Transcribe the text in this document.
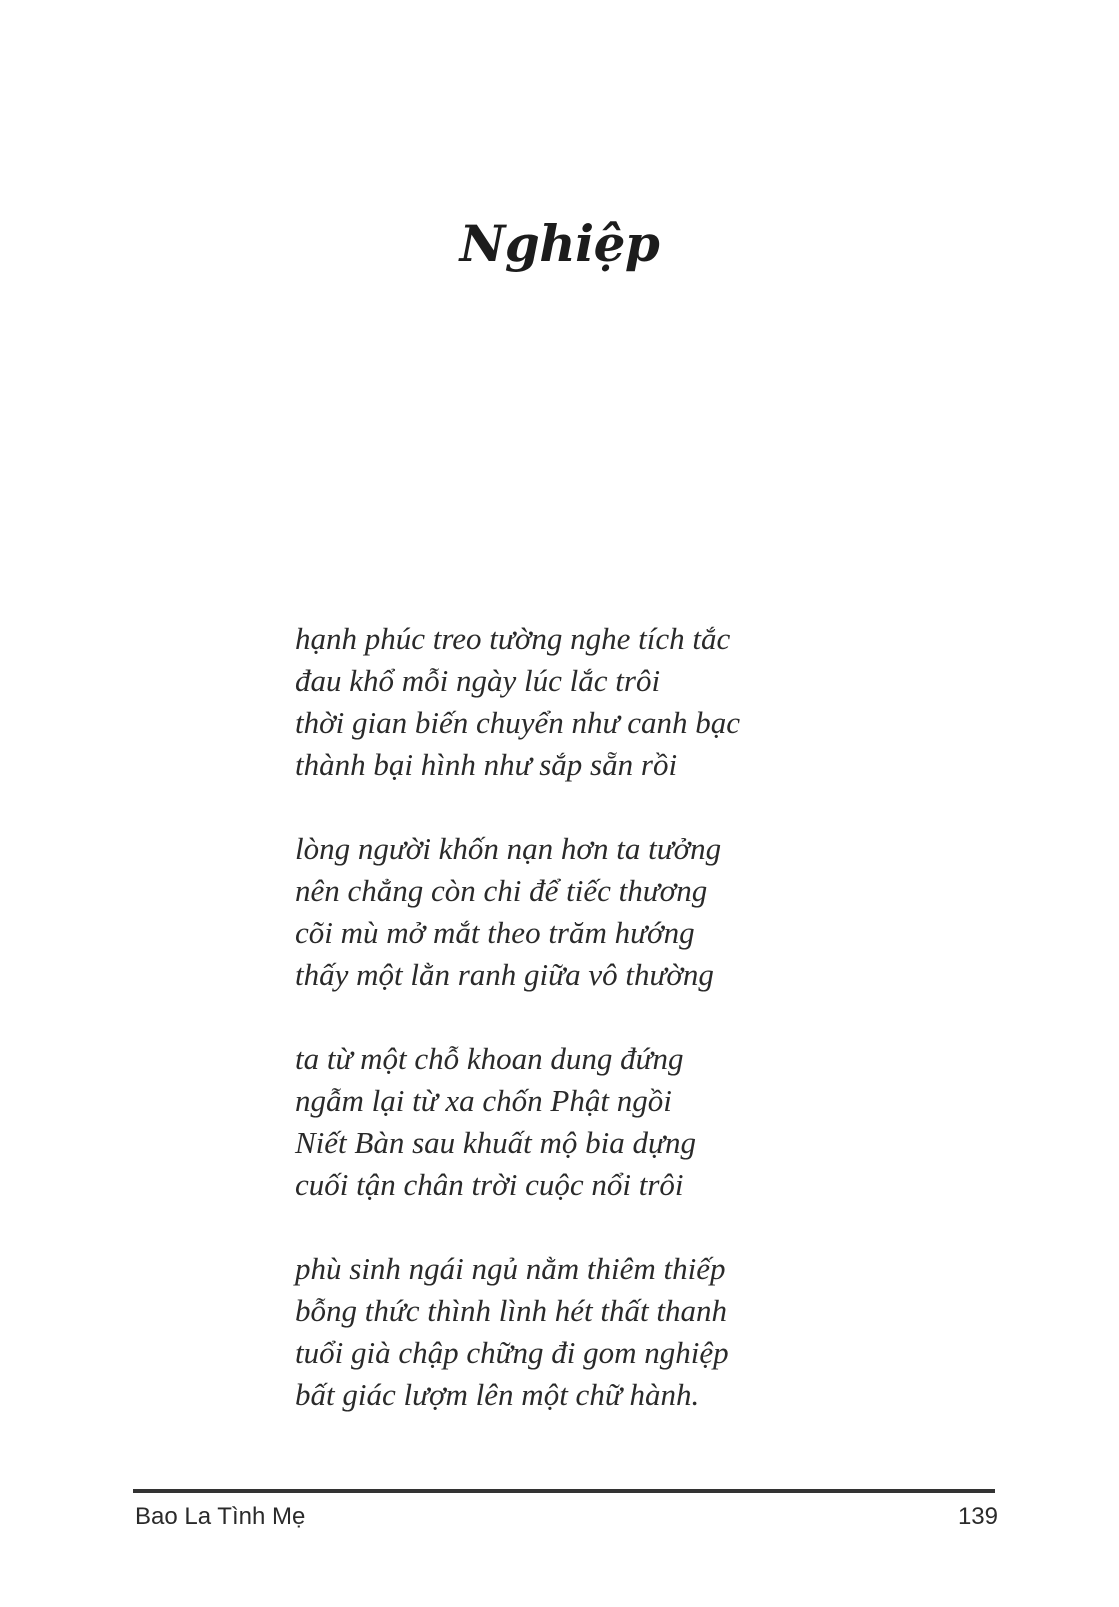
Nghiệp
hạnh phúc treo tường nghe tích tắc
đau khổ mỗi ngày lúc lắc trôi
thời gian biến chuyển như canh bạc
thành bại hình như sắp sẵn rồi
lòng người khốn nạn hơn ta tưởng
nên chẳng còn chi để tiếc thương
cõi mù mở mắt theo trăm hướng
thấy một lằn ranh giữa vô thường
ta từ một chỗ khoan dung đứng
ngẫm lại từ xa chốn Phật ngồi
Niết Bàn sau khuất mộ bia dựng
cuối tận chân trời cuộc nổi trôi
phù sinh ngái ngủ nằm thiêm thiếp
bỗng thức thình lình hét thất thanh
tuổi già chập chững đi gom nghiệp
bất giác lượm lên một chữ hành.
Bao La Tình Mẹ	139
